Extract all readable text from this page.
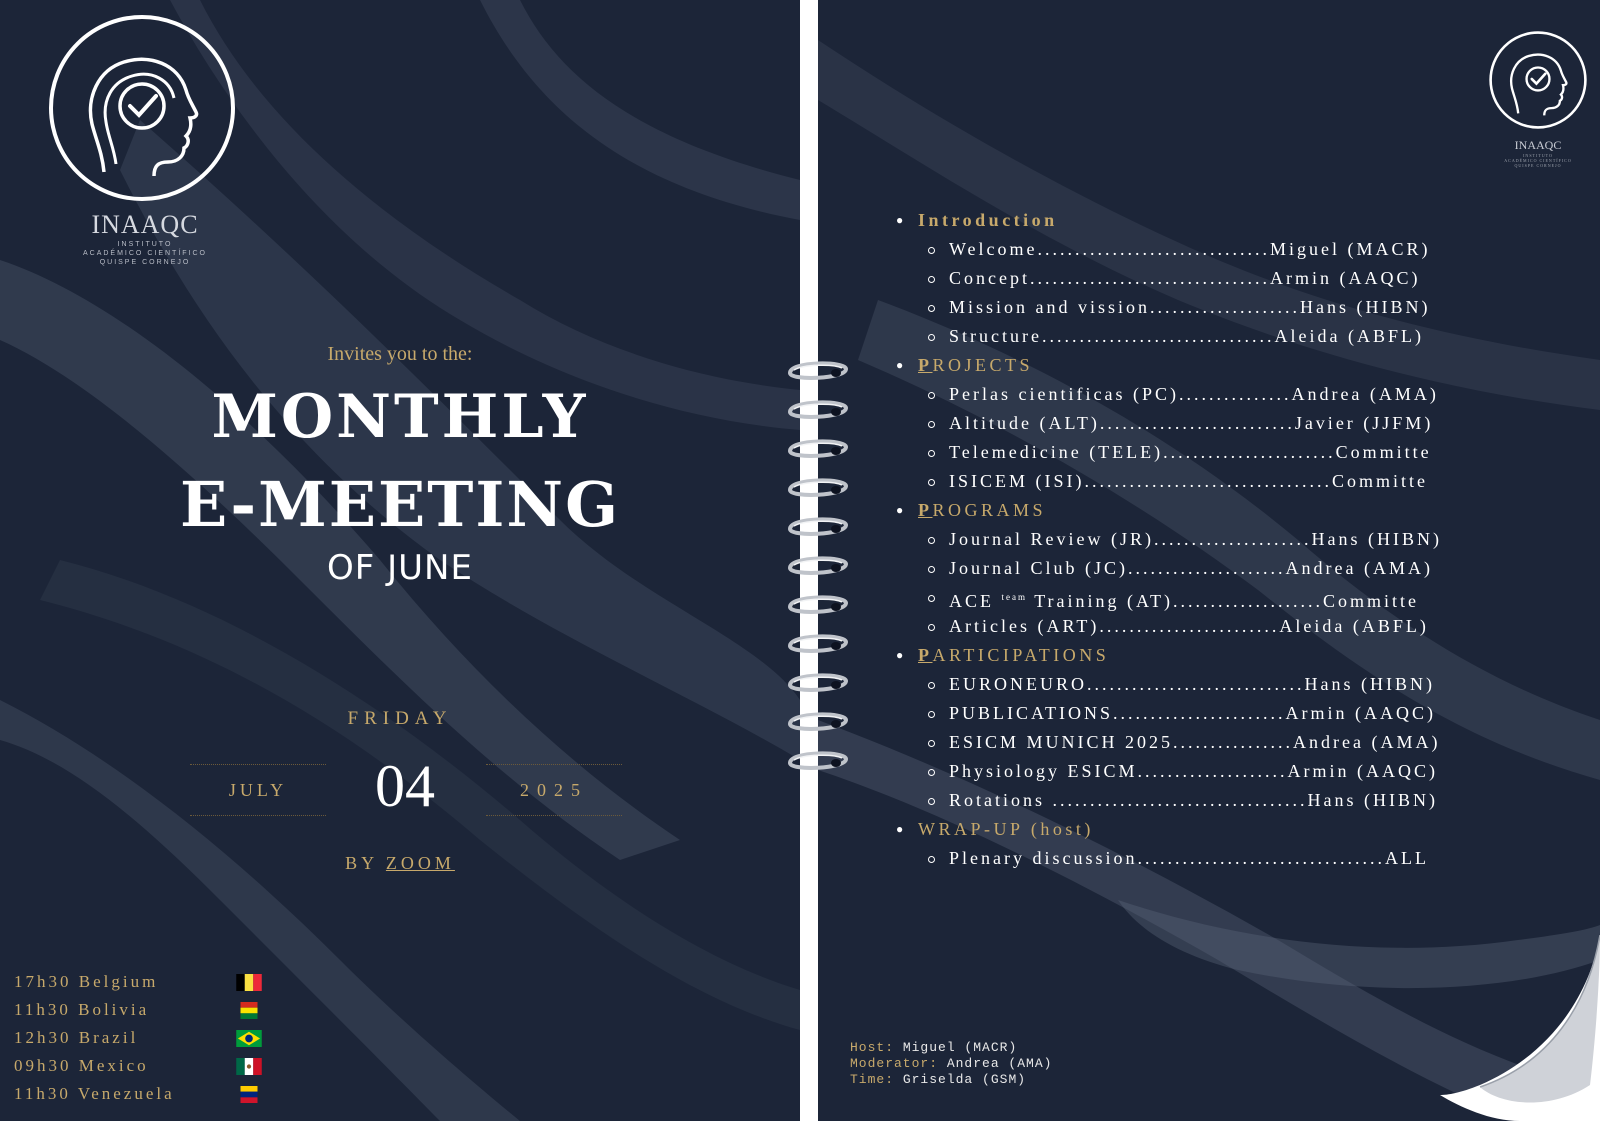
INAAQC
INSTITUTO
ACADÉMICO CIENTÍFICO
QUISPE CORNEJO
Invites you to the:
MONTHLY
E-MEETING
OF JUNE
FRIDAY
JULY	04	2025
BY ZOOM
17h30 Belgium
11h30 Bolivia
12h30 Brazil
09h30 Mexico
11h30 Venezuela
INAAQC
INSTITUTO
ACADÉMICO CIENTÍFICO
QUISPE CORNEJO
● Introduction
Welcome...............................Miguel (MACR)
Concept................................Armin (AAQC)
Mission and vission....................Hans (HIBN)
Structure...............................Aleida (ABFL)
● PROJECTS
Perlas cientificas (PC)...............Andrea (AMA)
Altitude (ALT)..........................Javier (JJFM)
Telemedicine (TELE).......................Committe
ISICEM (ISI).................................Committe
● PROGRAMS
Journal Review (JR).....................Hans (HIBN)
Journal Club (JC).....................Andrea (AMA)
ACE $^{team}$ Training (AT)....................Committe
Articles (ART)........................Aleida (ABFL)
● PARTICIPATIONS
EURONEURO.............................Hans (HIBN)
PUBLICATIONS.......................Armin (AAQC)
ESICM MUNICH 2025................Andrea (AMA)
Physiology ESICM....................Armin (AAQC)
Rotations ..................................Hans (HIBN)
● WRAP-UP (host)
Plenary discussion.................................ALL
Host: Miguel (MACR)
Moderator: Andrea (AMA)
Time: Griselda (GSM)
